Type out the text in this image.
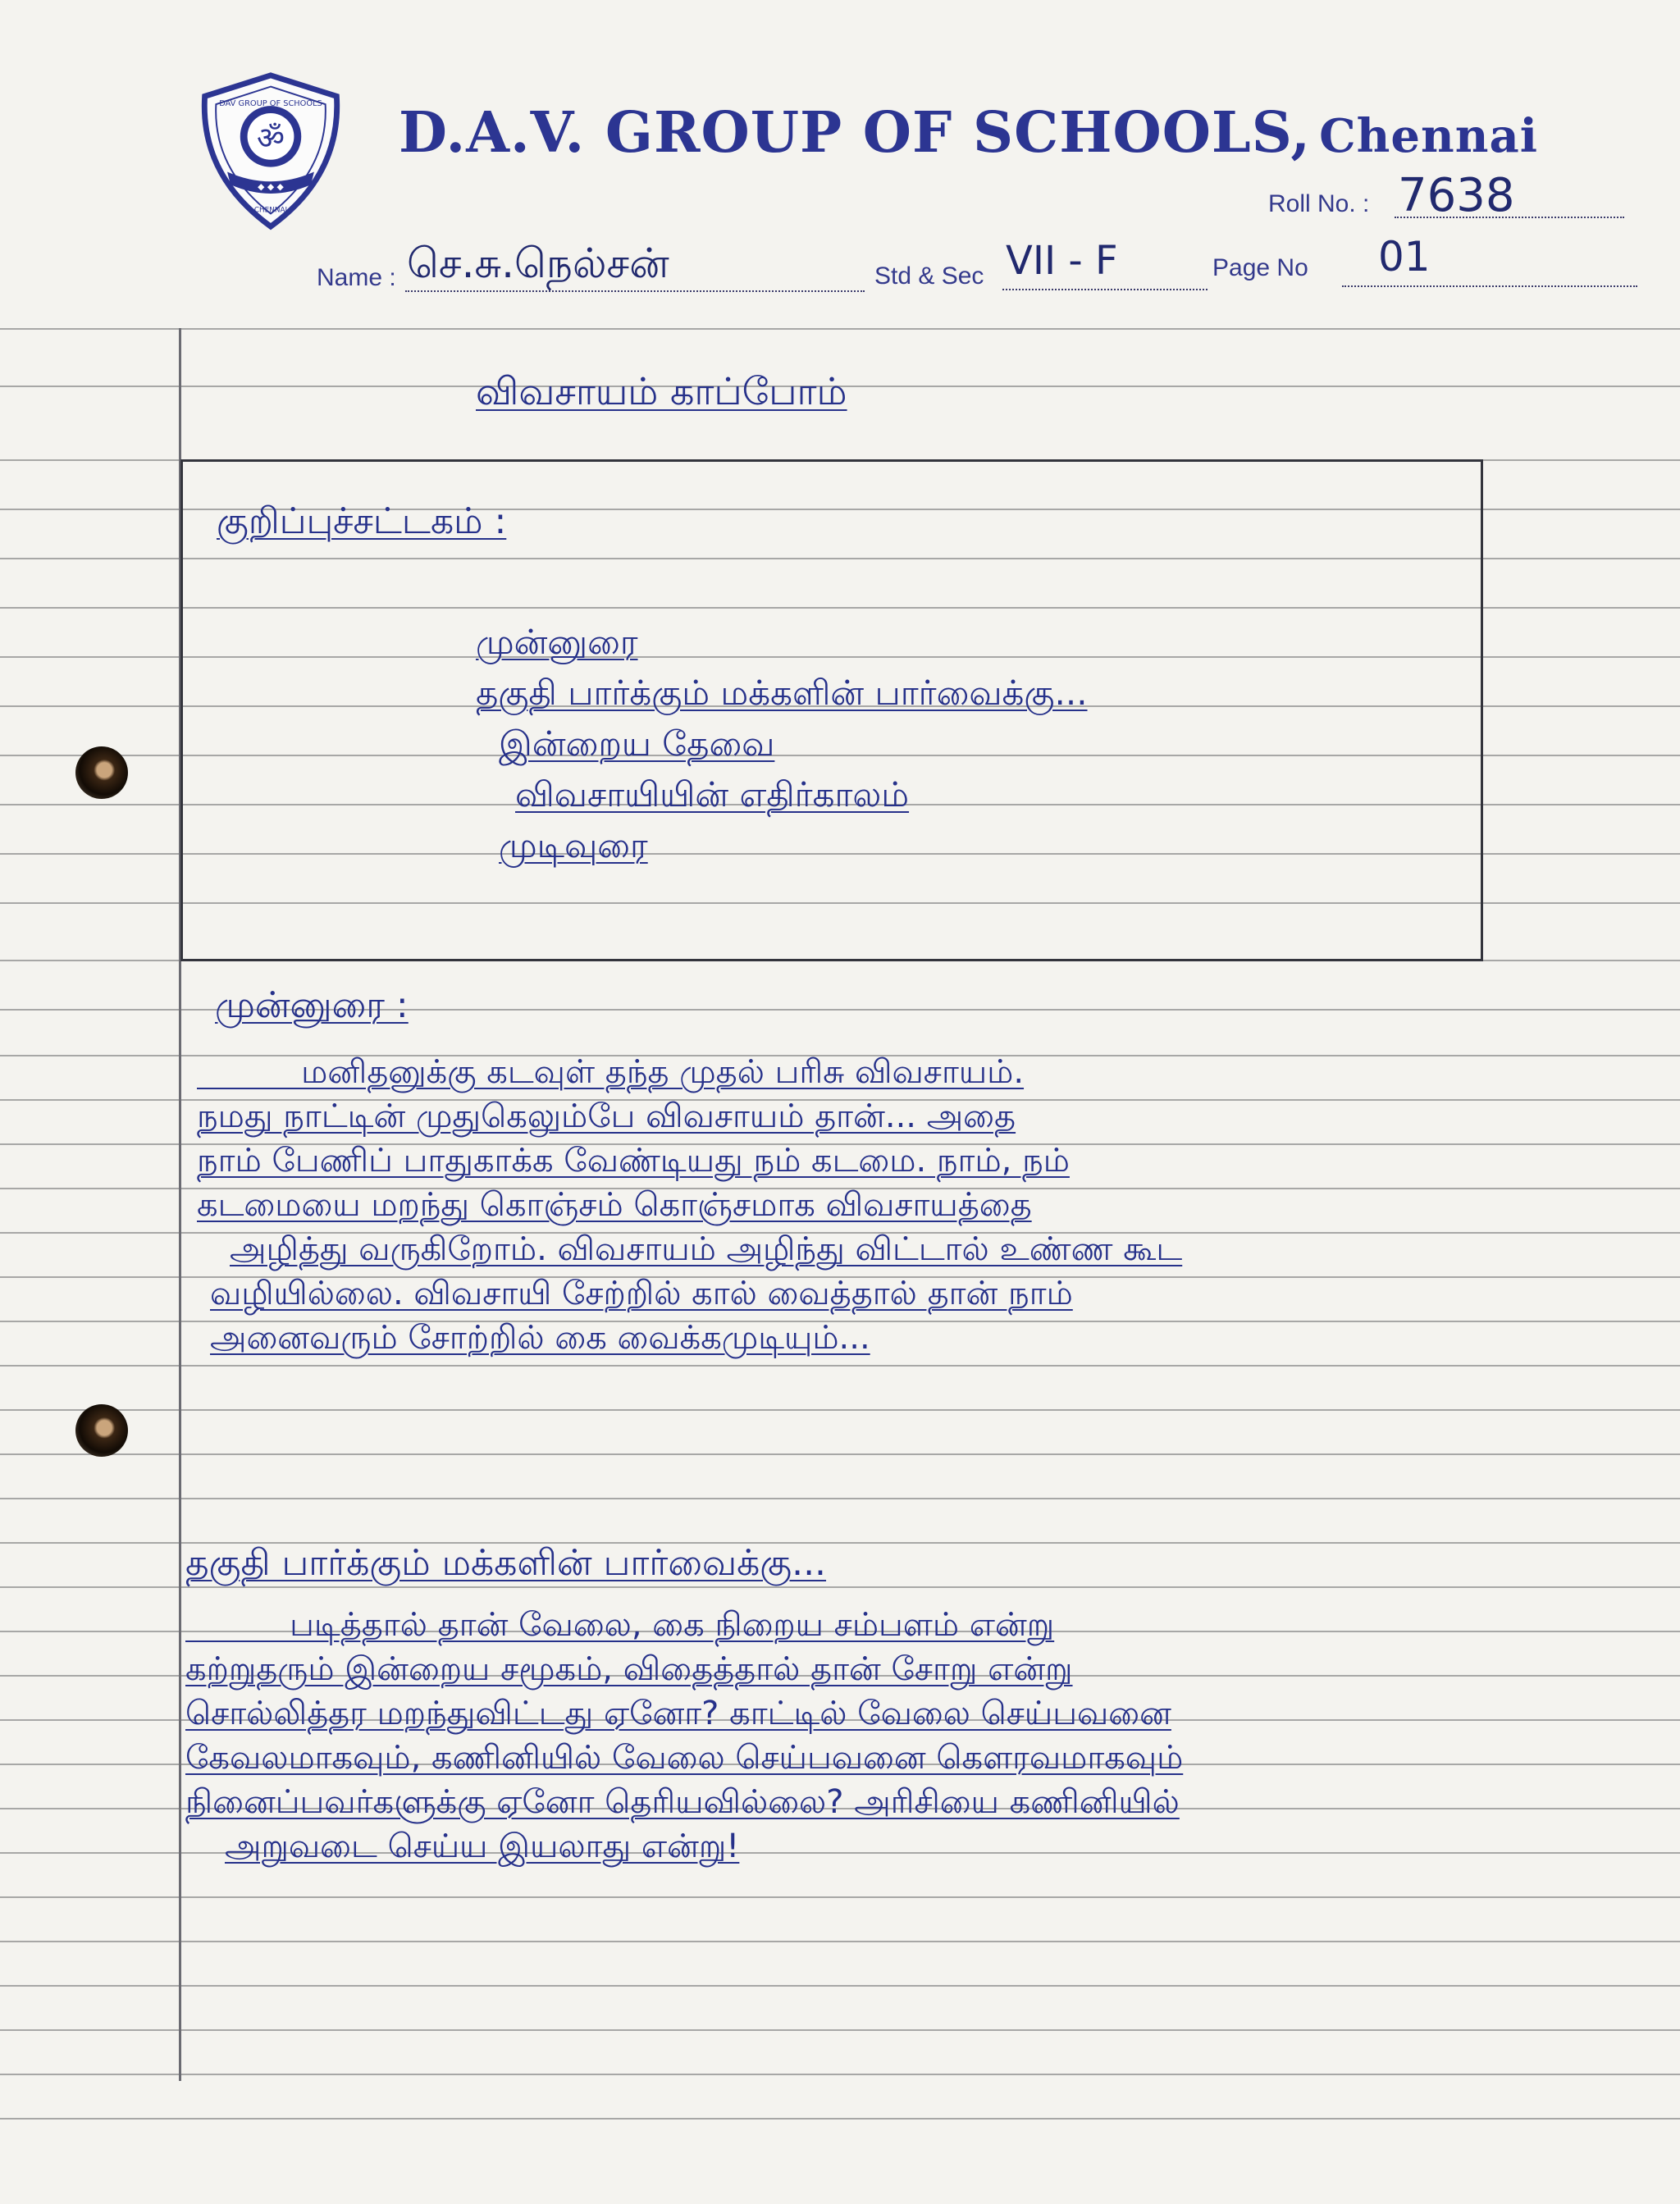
ॐ
◆ ◆ ◆
DAV GROUP OF SCHOOLS
CHENNAI
D.A.V. GROUP OF SCHOOLS, Chennai
Roll No. : 7638
Name : செ.சு.நெல்சன்	Std & Sec VII - F	Page No 01
விவசாயம் காப்போம்
குறிப்புச்சட்டகம் :
முன்னுரை
தகுதி பார்க்கும் மக்களின் பார்வைக்கு...
இன்றைய தேவை
விவசாயியின் எதிர்காலம்
முடிவுரை
முன்னுரை :
மனிதனுக்கு கடவுள் தந்த முதல் பரிசு விவசாயம்.
நமது நாட்டின் முதுகெலும்பே விவசாயம் தான்... அதை
நாம் பேணிப் பாதுகாக்க வேண்டியது நம் கடமை. நாம், நம்
கடமையை மறந்து கொஞ்சம் கொஞ்சமாக விவசாயத்தை
அழித்து வருகிறோம். விவசாயம் அழிந்து விட்டால் உண்ண கூட
வழியில்லை. விவசாயி சேற்றில் கால் வைத்தால் தான் நாம்
அனைவரும் சோற்றில் கை வைக்கமுடியும்...
தகுதி பார்க்கும் மக்களின் பார்வைக்கு...
படித்தால் தான் வேலை, கை நிறைய சம்பளம் என்று
கற்றுதரும் இன்றைய சமூகம், விதைத்தால் தான் சோறு என்று
சொல்லித்தர மறந்துவிட்டது ஏனோ? காட்டில் வேலை செய்பவனை
கேவலமாகவும், கணினியில் வேலை செய்பவனை கௌரவமாகவும்
நினைப்பவர்களுக்கு ஏனோ தெரியவில்லை? அரிசியை கணினியில்
அறுவடை செய்ய இயலாது என்று!
